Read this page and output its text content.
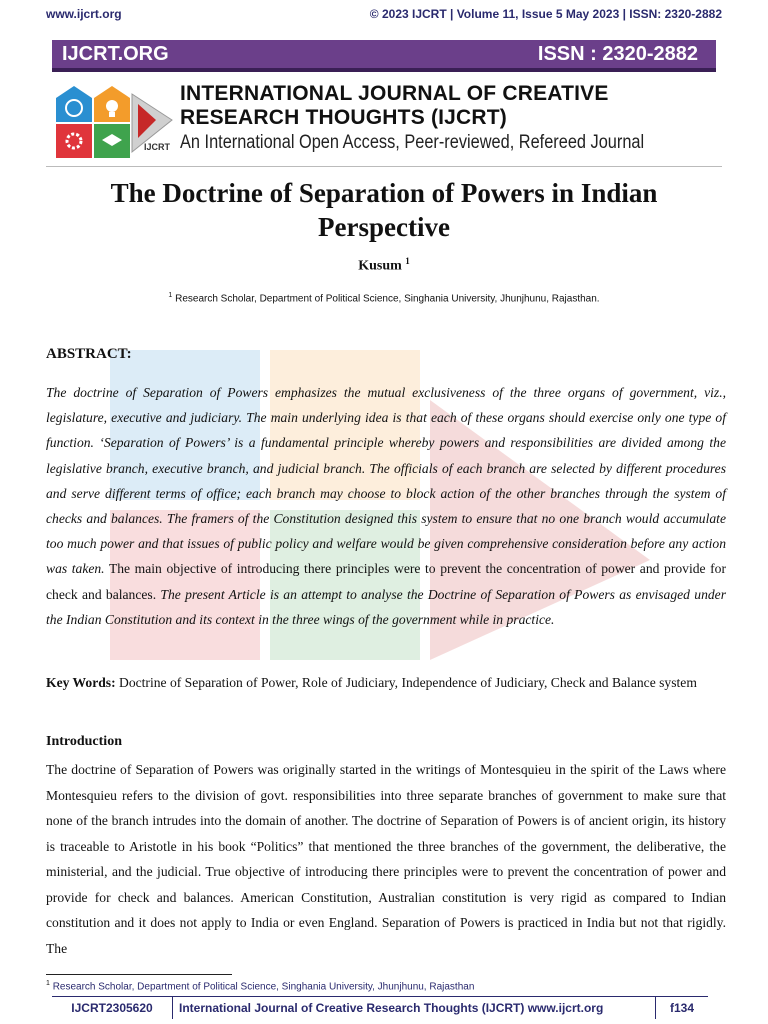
www.ijcrt.org	© 2023 IJCRT | Volume 11, Issue 5 May 2023 | ISSN: 2320-2882
IJCRT.ORG	ISSN : 2320-2882
IJCRT
INTERNATIONAL JOURNAL OF CREATIVE
RESEARCH THOUGHTS (IJCRT)
An International Open Access, Peer-reviewed, Refereed Journal
The Doctrine of Separation of Powers in Indian Perspective
Kusum $^1$
$^1$ Research Scholar, Department of Political Science, Singhania University, Jhunjhunu, Rajasthan.
ABSTRACT:
The doctrine of Separation of Powers emphasizes the mutual exclusiveness of the three organs of government, viz., legislature, executive and judiciary. The main underlying idea is that each of these organs should exercise only one type of function. ‘Separation of Powers’ is a fundamental principle whereby powers and responsibilities are divided among the legislative branch, executive branch, and judicial branch. The officials of each branch are selected by different procedures and serve different terms of office; each branch may choose to block action of the other branches through the system of checks and balances. The framers of the Constitution designed this system to ensure that no one branch would accumulate too much power and that issues of public policy and welfare would be given comprehensive consideration before any action was taken. The main objective of introducing there principles were to prevent the concentration of power and provide for check and balances. The present Article is an attempt to analyse the Doctrine of Separation of Powers as envisaged under the Indian Constitution and its context in the three wings of the government while in practice.
Key Words: Doctrine of Separation of Power, Role of Judiciary, Independence of Judiciary, Check and Balance system
Introduction
The doctrine of Separation of Powers was originally started in the writings of Montesquieu in the spirit of the Laws where Montesquieu refers to the division of govt. responsibilities into three separate branches of government to make sure that none of the branch intrudes into the domain of another. The doctrine of Separation of Powers is of ancient origin, its history is traceable to Aristotle in his book “Politics” that mentioned the three branches of the government, the deliberative, the ministerial, and the judicial. True objective of introducing there principles were to prevent the concentration of power and provide for check and balances. American Constitution, Australian constitution is very rigid as compared to Indian constitution and it does not apply to India or even England. Separation of Powers is practiced in India but not that rigidly. The
$^1$ Research Scholar, Department of Political Science, Singhania University, Jhunjhunu, Rajasthan
IJCRT2305620	International Journal of Creative Research Thoughts (IJCRT) www.ijcrt.org	f134
